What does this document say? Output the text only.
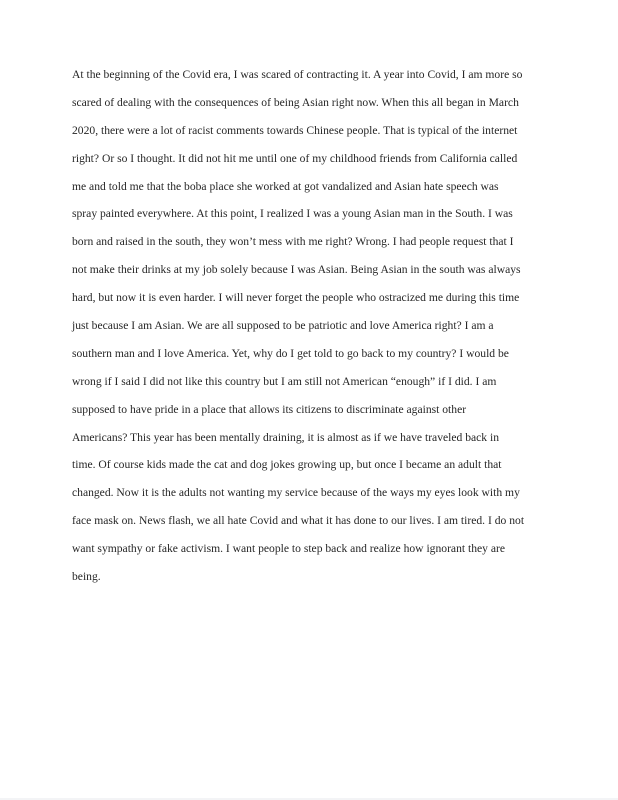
At the beginning of the Covid era, I was scared of contracting it. A year into Covid, I am more so
scared of dealing with the consequences of being Asian right now. When this all began in March
2020, there were a lot of racist comments towards Chinese people. That is typical of the internet
right? Or so I thought. It did not hit me until one of my childhood friends from California called
me and told me that the boba place she worked at got vandalized and Asian hate speech was
spray painted everywhere. At this point, I realized I was a young Asian man in the South. I was
born and raised in the south, they won’t mess with me right? Wrong. I had people request that I
not make their drinks at my job solely because I was Asian. Being Asian in the south was always
hard, but now it is even harder. I will never forget the people who ostracized me during this time
just because I am Asian. We are all supposed to be patriotic and love America right? I am a
southern man and I love America. Yet, why do I get told to go back to my country? I would be
wrong if I said I did not like this country but I am still not American “enough” if I did. I am
supposed to have pride in a place that allows its citizens to discriminate against other
Americans? This year has been mentally draining, it is almost as if we have traveled back in
time. Of course kids made the cat and dog jokes growing up, but once I became an adult that
changed. Now it is the adults not wanting my service because of the ways my eyes look with my
face mask on. News flash, we all hate Covid and what it has done to our lives. I am tired. I do not
want sympathy or fake activism. I want people to step back and realize how ignorant they are
being.
